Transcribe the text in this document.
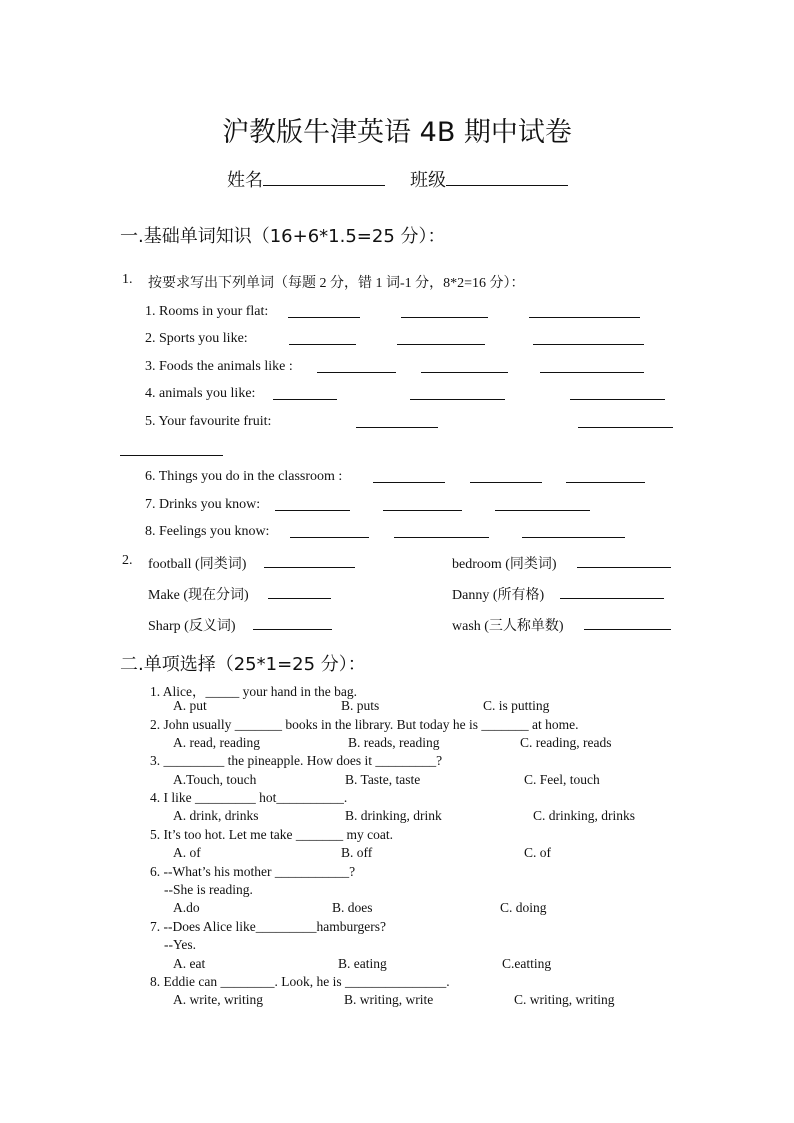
沪教版牛津英语 4B 期中试卷
姓名	班级
一.基础单词知识（16+6*1.5=25 分）：
1. 按要求写出下列单词（每题 2 分，错 1 词-1 分，8*2=16 分）：
1. Rooms in your flat:
2. Sports you like:
3. Foods the animals like :
4. animals you like:
5. Your favourite fruit:
6. Things you do in the classroom :
7. Drinks you know:
8. Feelings you know:
2. football (同类词)	bedroom (同类词)
Make (现在分词)	Danny (所有格)
Sharp (反义词)	wash (三人称单数)
二.单项选择（25*1=25 分）：
1. Alice，_____ your hand in the bag.
A. put	B. puts	C. is putting
2. John usually _______ books in the library. But today he is _______ at home.
A. read, reading	B. reads, reading	C. reading, reads
3. _________ the pineapple. How does it _________?
A.Touch, touch	B. Taste, taste	C. Feel, touch
4. I like _________ hot__________.
A. drink, drinks	B. drinking, drink	C. drinking, drinks
5. It’s too hot. Let me take _______ my coat.
A. of	B. off	C. of
6. --What’s his mother ___________?
--She is reading.
A.do	B. does	C. doing
7. --Does Alice like_________hamburgers?
--Yes.
A. eat	B. eating	C.eatting
8. Eddie can ________. Look, he is _______________.
A. write, writing	B. writing, write	C. writing, writing
